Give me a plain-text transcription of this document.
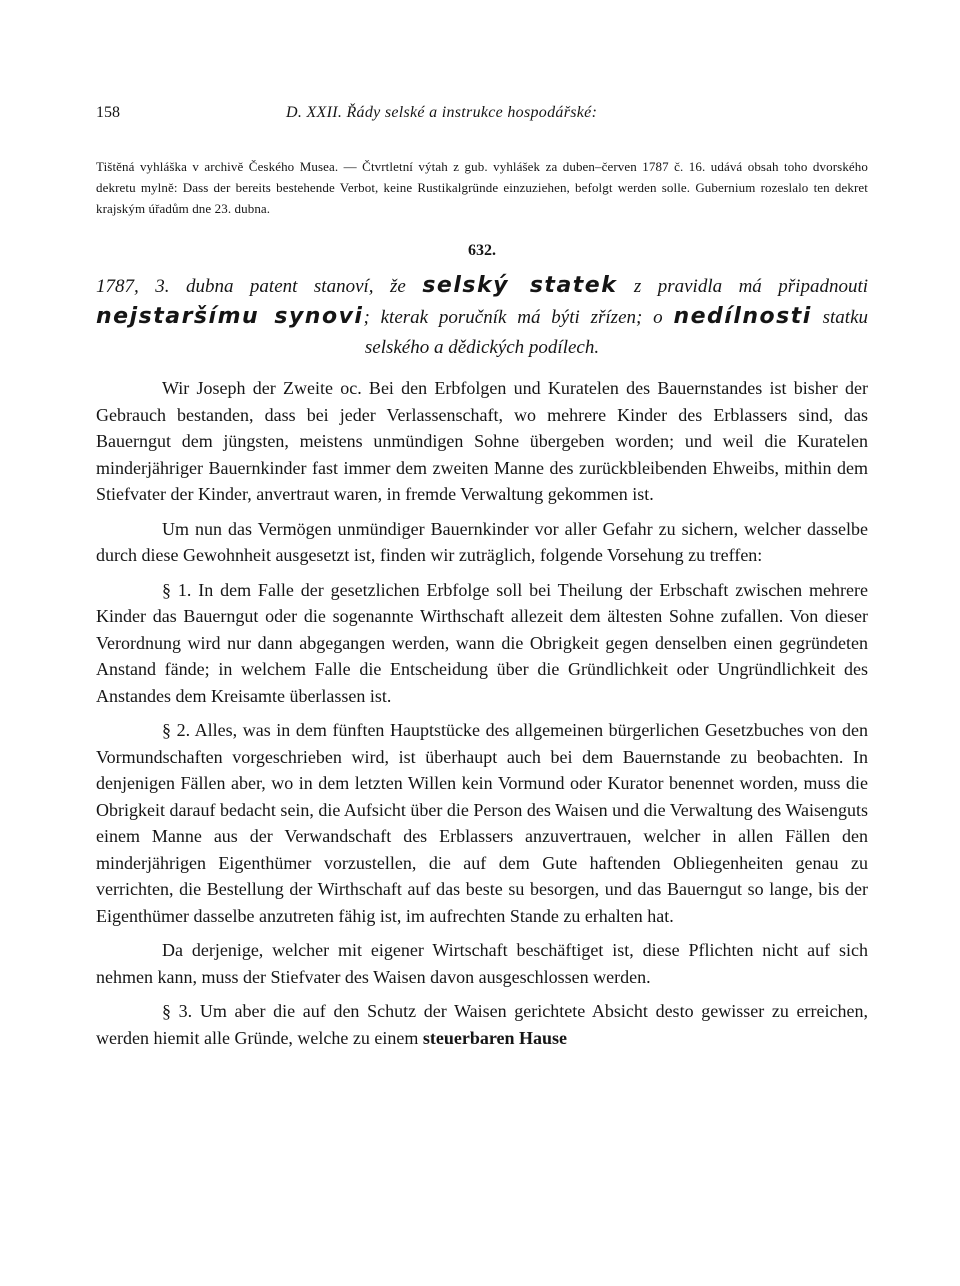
158	D. XXII. Řády selské a instrukce hospodářské:
Tištěná vyhláška v archivě Českého Musea. — Čtvrtletní výtah z gub. vyhlášek za duben–červen 1787 č. 16. udává obsah toho dvorského dekretu mylně: Dass der bereits bestehende Verbot, keine Rustikalgründe einzuziehen, befolgt werden solle. Gubernium rozeslalo ten dekret krajským úřadům dne 23. dubna.
632.
1787, 3. dubna patent stanoví, že selský statek z pravidla má připadnouti nejstaršímu synovi; kterak poručník má býti zřízen; o nedílnosti statku selského a dědických podílech.

Wir Joseph der Zweite oc. Bei den Erbfolgen und Kuratelen des Bauernstandes ist bisher der Gebrauch bestanden, dass bei jeder Verlassenschaft, wo mehrere Kinder des Erblassers sind, das Bauerngut dem jüngsten, meistens unmündigen Sohne übergeben worden; und weil die Kuratelen minderjähriger Bauernkinder fast immer dem zweiten Manne des zurückbleibenden Ehweibs, mithin dem Stiefvater der Kinder, anvertraut waren, in fremde Verwaltung gekommen ist.

Um nun das Vermögen unmündiger Bauernkinder vor aller Gefahr zu sichern, welcher dasselbe durch diese Gewohnheit ausgesetzt ist, finden wir zuträglich, folgende Vorsehung zu treffen:

§ 1. In dem Falle der gesetzlichen Erbfolge soll bei Theilung der Erbschaft zwischen mehrere Kinder das Bauerngut oder die sogenannte Wirthschaft allezeit dem ältesten Sohne zufallen. Von dieser Verordnung wird nur dann abgegangen werden, wann die Obrigkeit gegen denselben einen gegründeten Anstand fände; in welchem Falle die Entscheidung über die Gründlichkeit oder Ungründlichkeit des Anstandes dem Kreisamte überlassen ist.

§ 2. Alles, was in dem fünften Hauptstücke des allgemeinen bürgerlichen Gesetzbuches von den Vormundschaften vorgeschrieben wird, ist überhaupt auch bei dem Bauernstande zu beobachten. In denjenigen Fällen aber, wo in dem letzten Willen kein Vormund oder Kurator benennet worden, muss die Obrigkeit darauf bedacht sein, die Aufsicht über die Person des Waisen und die Verwaltung des Waisenguts einem Manne aus der Verwandschaft des Erblassers anzuvertrauen, welcher in allen Fällen den minderjährigen Eigenthümer vorzustellen, die auf dem Gute haftenden Obliegenheiten genau zu verrichten, die Bestellung der Wirthschaft auf das beste su besorgen, und das Bauerngut so lange, bis der Eigenthümer dasselbe anzutreten fähig ist, im aufrechten Stande zu erhalten hat.

Da derjenige, welcher mit eigener Wirtschaft beschäftiget ist, diese Pflichten nicht auf sich nehmen kann, muss der Stiefvater des Waisen davon ausgeschlossen werden.

§ 3. Um aber die auf den Schutz der Waisen gerichtete Absicht desto gewisser zu erreichen, werden hiemit alle Gründe, welche zu einem steuerbaren Hause
